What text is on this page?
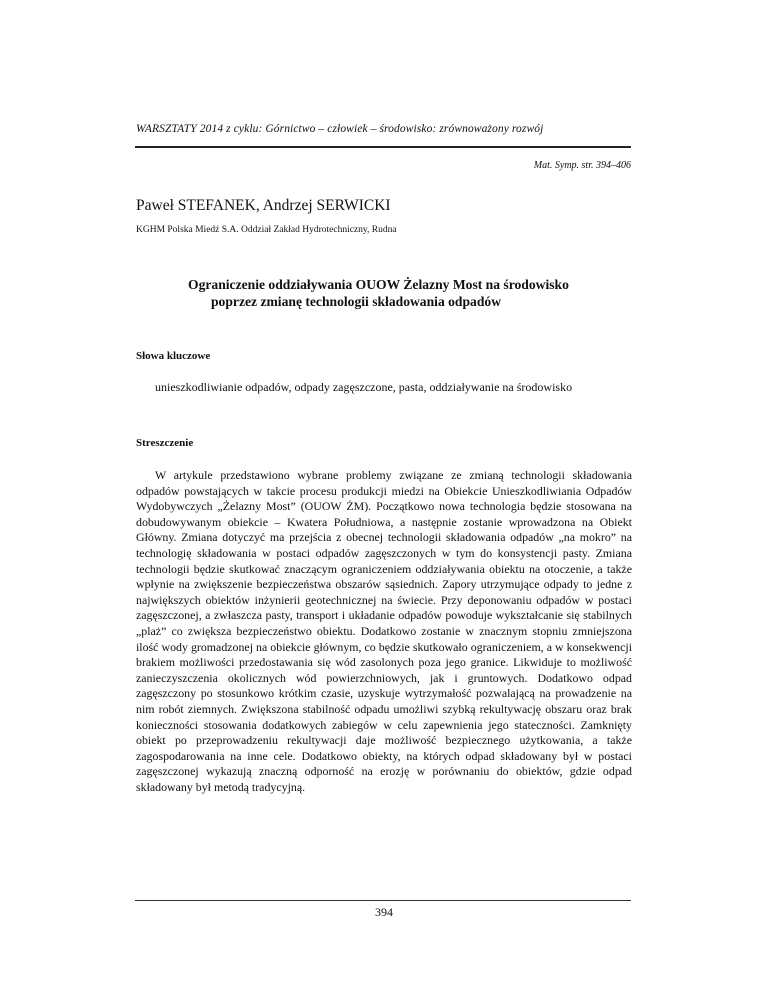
WARSZTATY 2014 z cyklu: Górnictwo – człowiek – środowisko: zrównoważony rozwój
Mat. Symp. str. 394–406
Paweł STEFANEK, Andrzej SERWICKI
KGHM Polska Miedź S.A. Oddział Zakład Hydrotechniczny, Rudna
Ograniczenie oddziaływania OUOW Żelazny Most na środowisko
poprzez zmianę technologii składowania odpadów
Słowa kluczowe
unieszkodliwianie odpadów, odpady zagęszczone, pasta, oddziaływanie na środowisko
Streszczenie

W artykule przedstawiono wybrane problemy związane ze zmianą technologii składowania odpadów powstających w takcie procesu produkcji miedzi na Obiekcie Unieszkodliwiania Odpadów Wydobywczych „Żelazny Most” (OUOW ŻM). Początkowo nowa technologia będzie stosowana na dobudowywanym obiekcie – Kwatera Południowa, a następnie zostanie wprowadzona na Obiekt Główny. Zmiana dotyczyć ma przejścia z obecnej technologii składowania odpadów „na mokro” na technologię składowania w postaci odpadów zagęszczonych w tym do konsystencji pasty. Zmiana technologii będzie skutkować znaczącym ograniczeniem oddziaływania obiektu na otoczenie, a także wpłynie na zwiększenie bezpieczeństwa obszarów sąsiednich. Zapory utrzymujące odpady to jedne z największych obiektów inżynierii geotechnicznej na świecie. Przy deponowaniu odpadów w postaci zagęszczonej, a zwłaszcza pasty, transport i układanie odpadów powoduje wykształcanie się stabilnych „plaż” co zwiększa bezpieczeństwo obiektu. Dodatkowo zostanie w znacznym stopniu zmniejszona ilość wody gromadzonej na obiekcie głównym, co będzie skutkowało ograniczeniem, a w konsekwencji brakiem możliwości przedostawania się wód zasolonych poza jego granice. Likwiduje to możliwość zanieczyszczenia okolicznych wód powierzchniowych, jak i gruntowych. Dodatkowo odpad zagęszczony po stosunkowo krótkim czasie, uzyskuje wytrzymałość pozwalającą na prowadzenie na nim robót ziemnych. Zwiększona stabilność odpadu umożliwi szybką rekultywację obszaru oraz brak konieczności stosowania dodatkowych zabiegów w celu zapewnienia jego stateczności. Zamknięty obiekt po przeprowadzeniu rekultywacji daje możliwość bezpiecznego użytkowania, a także zagospodarowania na inne cele. Dodatkowo obiekty, na których odpad składowany był w postaci zagęszczonej wykazują znaczną odporność na erozję w porównaniu do obiektów, gdzie odpad składowany był metodą tradycyjną.

394
